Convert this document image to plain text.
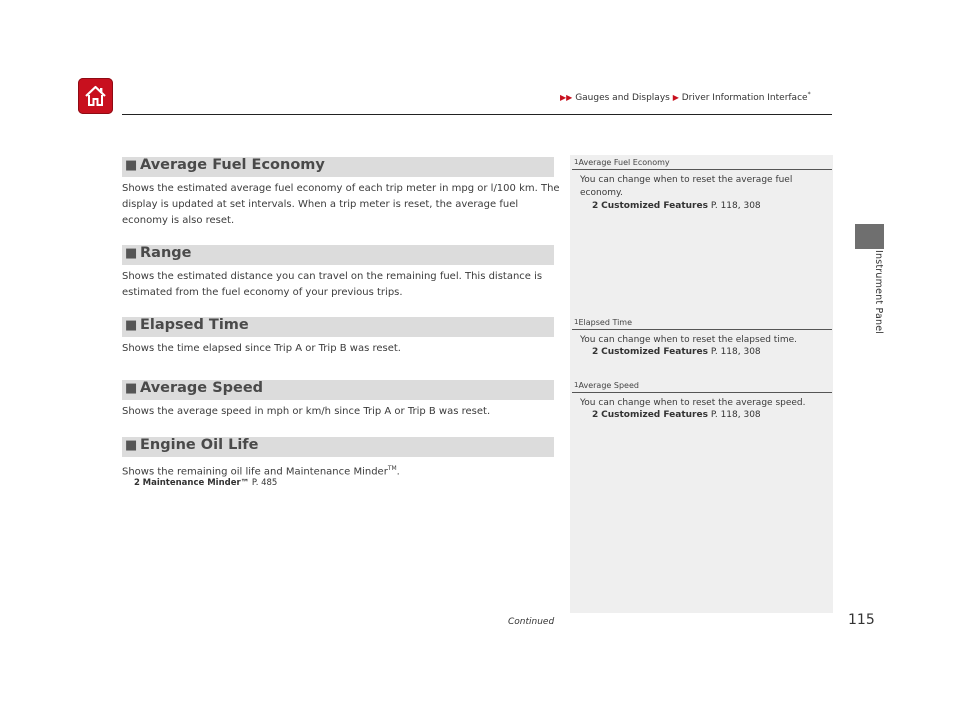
▶▶ Gauges and Displays ▶ Driver Information Interface*
Instrument Panel
■ Average Fuel Economy
Shows the estimated average fuel economy of each trip meter in mpg or l/100 km. The display is updated at set intervals. When a trip meter is reset, the average fuel economy is also reset.
■ Range
Shows the estimated distance you can travel on the remaining fuel. This distance is estimated from the fuel economy of your previous trips.
■ Elapsed Time
Shows the time elapsed since Trip A or Trip B was reset.
■ Average Speed
Shows the average speed in mph or km/h since Trip A or Trip B was reset.
■ Engine Oil Life
Shows the remaining oil life and Maintenance Minder™.
2 Maintenance Minder™ P. 485
1Average Fuel Economy
You can change when to reset the average fuel economy.
2 Customized Features P. 118, 308
1Elapsed Time
You can change when to reset the elapsed time.
2 Customized Features P. 118, 308
1Average Speed
You can change when to reset the average speed.
2 Customized Features P. 118, 308
Continued	115
